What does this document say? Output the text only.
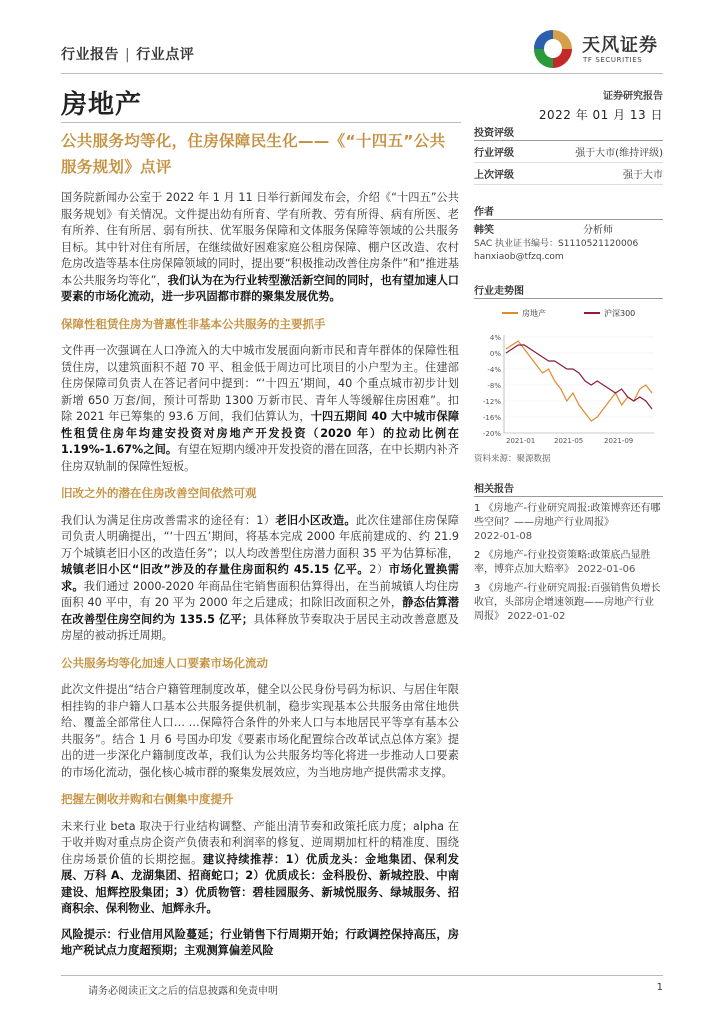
行业报告 | 行业点评	天风证券
TF SECURITIES
房地产	证券研究报告
2022 年 01 月 13 日
公共服务均等化，住房保障民生化——《“十四五”公共服务规划》点评

国务院新闻办公室于 2022 年 1 月 11 日举行新闻发布会，介绍《“十四五”公共服务规划》有关情况。文件提出幼有所育、学有所教、劳有所得、病有所医、老有所养、住有所居、弱有所扶、优军服务保障和文体服务保障等领域的公共服务目标。其中针对住有所居，在继续做好困难家庭公租房保障、棚户区改造、农村危房改造等基本住房保障领域的同时，提出要“积极推动改善住房条件”和“推进基本公共服务均等化”，我们认为在为行业转型激活新空间的同时，也有望加速人口要素的市场化流动，进一步巩固都市群的聚集发展优势。

保障性租赁住房为普惠性非基本公共服务的主要抓手

文件再一次强调在人口净流入的大中城市发展面向新市民和青年群体的保障性租赁住房，以建筑面积不超 70 平、租金低于周边可比项目的小户型为主。住建部住房保障司负责人在答记者问中提到：“‘十四五’期间，40 个重点城市初步计划新增 650 万套/间，预计可帮助 1300 万新市民、青年人等缓解住房困难”。扣除 2021 年已筹集的 93.6 万间，我们估算认为，十四五期间 40 大中城市保障性租赁住房年均建安投资对房地产开发投资（2020 年）的拉动比例在 1.19%-1.67%之间。有望在短期内缓冲开发投资的潜在回落，在中长期内补齐住房双轨制的保障性短板。

旧改之外的潜在住房改善空间依然可观

我们认为满足住房改善需求的途径有：1）老旧小区改造。此次住建部住房保障司负责人明确提出，“‘十四五’期间，将基本完成 2000 年底前建成的、约 21.9 万个城镇老旧小区的改造任务”；以人均改善型住房潜力面积 35 平为估算标准，城镇老旧小区“旧改”涉及的存量住房面积约 45.15 亿平。2）市场化置换需求。我们通过 2000-2020 年商品住宅销售面积估算得出，在当前城镇人均住房面积 40 平中，有 20 平为 2000 年之后建成；扣除旧改面积之外，静态估算潜在改善型住房空间约为 135.5 亿平；具体释放节奏取决于居民主动改善意愿及房屋的被动拆迁周期。

公共服务均等化加速人口要素市场化流动

此次文件提出“结合户籍管理制度改革，健全以公民身份号码为标识、与居住年限相挂钩的非户籍人口基本公共服务提供机制，稳步实现基本公共服务由常住地供给、覆盖全部常住人口… …保障符合条件的外来人口与本地居民平等享有基本公共服务”。结合 1 月 6 号国办印发《要素市场化配置综合改革试点总体方案》提出的进一步深化户籍制度改革，我们认为公共服务均等化将进一步推动人口要素的市场化流动，强化核心城市群的聚集发展效应，为当地房地产提供需求支撑。

把握左侧收并购和右侧集中度提升

未来行业 beta 取决于行业结构调整、产能出清节奏和政策托底力度；alpha 在于收并购对重点房企资产负债表和利润率的修复、逆周期加杠杆的精准度、围绕住房场景价值的长期挖掘。建议持续推荐：1）优质龙头：金地集团、保利发展、万科 A、龙湖集团、招商蛇口；2）优质成长：金科股份、新城控股、中南建设、旭辉控股集团；3）优质物管：碧桂园服务、新城悦服务、绿城服务、招商积余、保利物业、旭辉永升。

风险提示：行业信用风险蔓延；行业销售下行周期开始；行政调控保持高压，房地产税试点力度超预期；主观测算偏差风险

投资评级
行业评级	强于大市(维持评级)
上次评级	强于大市
作者
韩笑	分析师
SAC 执业证书编号：S1110521120006
hanxiaob@tfzq.com
行业走势图
房地产	沪深300
4%
0%
-4%
-8%
-12%
-16%
-20%
2021-01	2021-05	2021-09
资料来源：聚源数据
相关报告
1 《房地产-行业研究周报:政策博弈还有哪些空间？——房地产行业周报》
2022-01-08
2 《房地产-行业投资策略:政策底凸显胜率，博弈点加大赔率》 2022-01-06
3 《房地产-行业研究周报:百强销售负增长收官，头部房企增速领跑——房地产行业周报》 2022-01-02
请务必阅读正文之后的信息披露和免责申明	1
